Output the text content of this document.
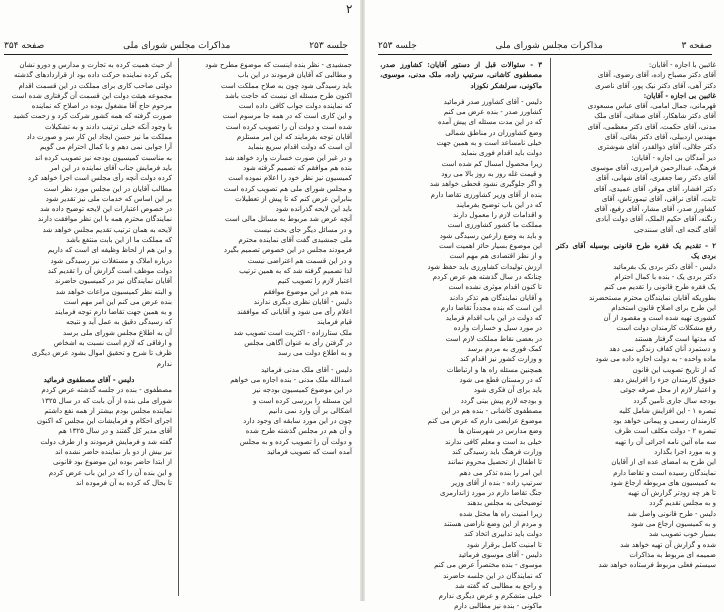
جلسه ۲۵۳
مذاکرات مجلس شورای ملی
صفحه ۳۵۴
۲
صفحه ۳
مذاکرات مجلس شورای ملی
جلسه ۲۵۳
جمشیدی - نظر بنده اینست که موضوع مطرح شود
و مطالبی که آقایان فرمودند در این باب
باید رسیدگی شود چون به صلاح مملکت است
اکنون طرح مسئله ای نیست که حاجت باشد
که نماینده دولت جواب کافی داده است
و این کاری است که در همه جا مرسوم است
شده است و دولت آن را تصویب کرده است
آقایان توجه بفرمایند که این امر مستلزم
آن است که دولت اقدام سریع بنماید
و در غیر این صورت خسارت وارد خواهد شد
بنده هم موافقم که تصمیم گرفته شود
کمیسیون نیز نظر خود را اعلام نموده است
و مجلس شورای ملی هم تصویب کرده است
بنابراین عرض کنم که تا پیش از تعطیلات
باید این لایحه گذرانده شود
آنچه عرض شد مربوط به مسائل مالی است
و در مسائل دیگر جای بحث نیست
ملی جمشیدی گفت آقای نماینده محترم
فرمودند مجلس در این خصوص تصمیم بگیرد
و در این قسمت هم اعتراضی نیست
لذا تصمیم گرفته شد که به همین ترتیب
اعتبار لازم را تصویب کنیم
بنده هم در این موضوع موافقم
دلیس - آقایان نظری دیگری ندارند
اعلام رأی می شود و آقایانی که موافقند
قیام فرمایند
ملک ستارزاده - اکثریت است تصویب شد
در گرفتن رأی به عنوان آگاهی مجلس
و به اطلاع دولت می رسد
دلیس - آقای ملک مدنی فرمائید
اسدالله ملک مدنی - بنده اجازه می خواهم
در این موضوع کمیسیون بودجه نیز
این مسئله را بررسی کرده است و
اشکالی بر آن وارد نمی دانیم
چون در این مورد سابقه ای وجود دارد
و آن هم در مجلس گذشته طرح شده
و دولت آن را تصویب کرده و به مجلس
آمده است که تصویب فرمائید
از حیث همیت کرده به تجارت و مدارس و دورو نشان
یکی کرده نماینده حرکت داده بود از قراردادهای گذشته
دولتی صاحب کاری برای مملکت در این قسمت اقدام
مجموعه هیئت دولت این قسمت آن گرفتاری شده است
مرحوم حاج آقا مشغول بوده در اصلاح که نماینده
صورت گرفته که همه کشور شرکت کرد و زحمت کشید
با وجود آنکه خیلی ترتیب دادند و به تشکیلات
مملکت ما نیز حسن ایجاد این کار سر و صورت داد
آرا جوابی نمی دهم و با کمال احترام می گویم
به مناسبت کمیسیون بودجه نیز تصویب کرده اند
باید فرمایش جناب آقای نماینده در این امر
کرده دولت آنچه رأی مجلس است اجرا خواهد کرد
مطالب آقایان در این مجلس مورد نظر است
بر این اساس که خدمات ملی نیز تقدیر شود
در خصوص اعتبارات این لایحه توضیح داده شد
نمایندگان محترم همه با این نظر موافقت دارند
لایحه به همان ترتیب تقدیم مجلس خواهد شد
که مملکت ما از این بابت منتفع باشد
و این هم از لحاظ وظیفه ای است که داریم
درباره املاک و مستغلات نیز رسیدگی شود
دولت موظف است گزارش آن را تقدیم کند
آقایان نمایندگان نیز در کمیسیون حاضرند
و البته نظر کمیسیون مراعات خواهد شد
بنده عرض می کنم این امر مهم است
و به همین جهت تقاضا دارم توجه فرمایند
که رسیدگی دقیق به عمل آید و نتیجه
آن به اطلاع مجلس شورای ملی برسد
و ارفاقی که لازم است نسبت به اشخاص
ظرف تا شرح و تحقیق اموال بشود عرض دیگری
ندارم
دلیس - آقای مصطفوی فرمائید
مصطفوی - بنده در جلسه گذشته عرض کردم
شورای ملی بنده از آن بابت که در سال ۱۳۲۵
نماینده مجلس بودم بیشتر از همه نفع داشتم
اجرای احکام و فرمایشات این مجلس که اکنون
آقای مدیر کل گفتند و در سال ۱۳۲۵ هم
گفته شد و فرمایش فرمودند و از طرف دولت
نیز بیش از دو بار نماینده حاضر نشده اند
از ابتدا حاضر بوده این موضوع بود قانونی
و این بنده آن را که در این باب عرض کردم
تا بحال که کرده به آن فرموده اند
غائبین با اجازه - آقایان:
آقای دکتر مصباح زاده، آقای رضوی، آقای
دکتر آهی، آقای دکتر نیک پور، آقای ناصری
غائبین بی اجازه - آقایان:
قهرمانی، جمال امامی، آقای عباس مسعودی
آقای دکتر شاهکار، آقای صفائی، آقای ملک
مدنی، آقای حکمت، آقای دکتر معظمی، آقای
مهندس اردبیلی، آقای دکتر بقائی، آقای
دکتر جلالی، آقای ذوالقدر، آقای شوشتری
دیر آمدگان بی اجازه - آقایان:
فرهنگ، عبدالرحمن فرامرزی، آقای موسوی
آقای دکتر رضا جعفری، آقای شهابی، آقای
دکتر افشار، آقای موقر، آقای عمیدی، آقای
ثابت، آقای نراقی، آقای تیمورتاش، آقای
کشاورز صدر، آقای مشار، آقای رفیع، آقای
زنگنه، آقای حکیم الملک، آقای دولت آبادی
آقای گنجه ای، آقای سنندجی
۲ - تقدیم یک فقره طرح قانونی بوسیله آقای دکتر بردی یک
دلیس - آقای دکتر بردی یک بفرمائید
دکتر بردی یک - بنده با کمال احترام
یک فقره طرح قانونی را تقدیم می کنم
بطوریکه آقایان نمایندگان محترم مستحضرند
این طرح برای اصلاح قانون استخدام
کشوری تهیه شده است و مقصود از آن
رفع مشکلات کارمندان دولت است
که مدتها است گرفتار هستند
و دستمزد آنان کفاف زندگی نمی دهد
ماده واحده - به دولت اجازه داده می شود
که از تاریخ تصویب این قانون
حقوق کارمندان جزء را افزایش دهد
و اعتبار لازم از محل صرفه جوئی
بودجه سال جاری تأمین گردد
تبصره ۱ - این افزایش شامل کلیه
کارمندان رسمی و پیمانی خواهد بود
تبصره ۲ - دولت مکلف است ظرف
سه ماه آئین نامه اجرائی آن را تهیه
و به مورد اجرا بگذارد
این طرح به امضای عده ای از آقایان
نمایندگان رسیده است و تقاضا دارم
به کمیسیون های مربوطه ارجاع شود
تا هر چه زودتر گزارش آن تهیه
و به مجلس تقدیم گردد
دلیس - طرح قانونی واصل شد
و به کمیسیون ارجاع می شود
بسیار خوب تصویب شد
شده و گزارش آن تهیه خواهد شد
ضمیمه ای مربوط به مذاکرات
سیستم فعلی مربوط فرستاده خواهد شد
۳ - سئوالات قبل از دستور آقایان: کشاورز صدر، مصطفوی کاشانی، سرتیپ زاده، ملک مدنی، موسوی، ماکونی، سرلشکر نکوزاد
دلیس - آقای کشاورز صدر فرمائید
کشاورز صدر - بنده عرض می کنم
که در این مدت مسئله ای پیش آمده
وضع کشاورزان در مناطق شمالی
خیلی نامساعد است و به همین جهت
دولت باید اقدام فوری بنماید
زیرا محصول امسال کم شده است
و قیمت غله روز به روز بالا می رود
و اگر جلوگیری نشود قحطی خواهد شد
بنده از آقای وزیر کشاورزی تقاضا دارم
که در این باب توضیح بفرمایند
و اقدامات لازم را معمول دارند
مملکت ما کشور کشاورزی است
و باید به وضع زارعین رسیدگی شود
این موضوع بسیار حائز اهمیت است
و از نظر اقتصادی هم مهم است
ارزش تولیدات کشاورزی باید حفظ شود
چنانکه در سال گذشته هم عرض کردم
تا کنون اقدام موثری نشده است
و آقایان نمایندگان هم تذکر دادند
این است که بنده مجدداً تقاضا دارم
که دولت در این باب اقدام فرماید
در مورد سیل و خسارات وارده
در بعضی نقاط مملکت لازم است
کمک فوری به مردم برسد
و وزارت کشور نیز اقدام کند
همچنین مسئله راه ها و ارتباطات
که در زمستان قطع می شود
باید برای آن فکری شود
و بودجه لازم پیش بینی گردد
مصطفوی کاشانی - بنده هم در این
موضوع عرایضی دارم که عرض می کنم
وضع مدارس در شهرستان ها
خیلی بد است و معلم کافی ندارند
وزارت فرهنگ باید رسیدگی کند
تا اطفال از تحصیل محروم نمانند
این امر را بنده تذکر می دهم
سرتیپ زاده - بنده از آقای وزیر
جنگ تقاضا دارم در مورد ژاندارمری
توضیحاتی به مجلس بدهند
زیرا امنیت راه ها مختل شده
و مردم از این وضع ناراضی هستند
دولت باید تدابیری اتخاذ کند
تا امنیت کامل برقرار شود
دلیس - آقای موسوی فرمائید
موسوی - بنده مختصراً عرض می کنم
که نمایندگان در این جلسه حاضرند
و راجع به مطالبی که گفته شد
خیلی متشکرم و عرض دیگری ندارم
ماکونی - بنده نیز مطالبی دارم
